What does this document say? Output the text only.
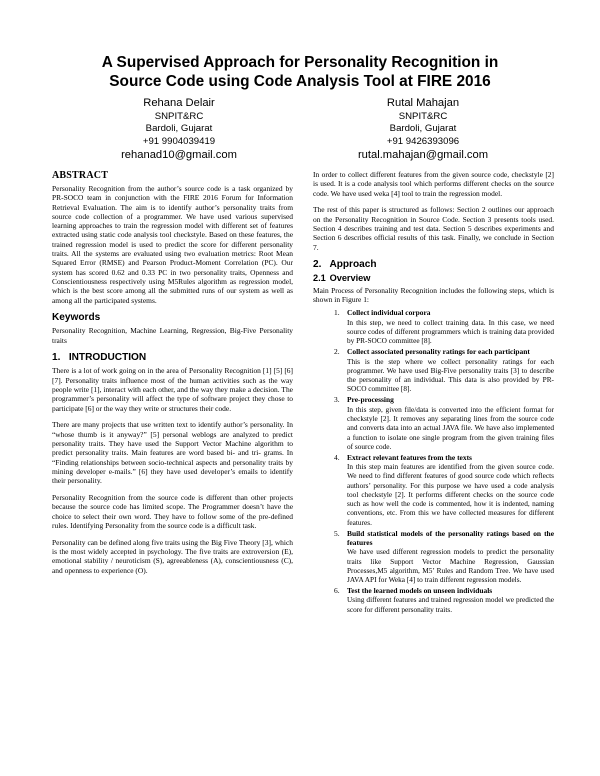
A Supervised Approach for Personality Recognition in
Source Code using Code Analysis Tool at FIRE 2016
Rehana Delair
SNPIT&RC
Bardoli, Gujarat
+91 9904039419
rehanad10@gmail.com
Rutal Mahajan
SNPIT&RC
Bardoli, Gujarat
+91 9426393096
rutal.mahajan@gmail.com
ABSTRACT
Personality Recognition from the author’s source code is a task organized by PR-SOCO team in conjunction with the FIRE 2016 Forum for Information Retrieval Evaluation. The aim is to identify author’s personality traits from source code collection of a programmer. We have used various supervised learning approaches to train the regression model with different set of features extracted using static code analysis tool checkstyle. Based on these features, the trained regression model is used to predict the score for different personality traits. All the systems are evaluated using two evaluation metrics: Root Mean Squared Error (RMSE) and Pearson Product-Moment Correlation (PC). Our system has scored 0.62 and 0.33 PC in two personality traits, Openness and Conscientiousness respectively using M5Rules algorithm as regression model, which is the best score among all the submitted runs of our system as well as among all the participated systems.
Keywords
Personality Recognition, Machine Learning, Regression, Big-Five Personality traits
1. INTRODUCTION
There is a lot of work going on in the area of Personality Recognition [1] [5] [6] [7]. Personality traits influence most of the human activities such as the way people write [1], interact with each other, and the way they make a decision. The programmer’s personality will affect the type of software project they chose to participate [6] or the way they write or structures their code.
There are many projects that use written text to identify author’s personality. In “whose thumb is it anyway?” [5] personal weblogs are analyzed to predict personality traits. They have used the Support Vector Machine algorithm to predict personality traits. Main features are word based bi- and tri- grams. In “Finding relationships between socio-technical aspects and personality traits by mining developer e-mails.” [6] they have used developer’s emails to identify their personality.
Personality Recognition from the source code is different than other projects because the source code has limited scope. The Programmer doesn’t have the choice to select their own word. They have to follow some of the pre-defined rules. Identifying Personality from the source code is a difficult task.
Personality can be defined along five traits using the Big Five Theory [3], which is the most widely accepted in psychology. The five traits are extroversion (E), emotional stability / neuroticism (S), agreeableness (A), conscientiousness (C), and openness to experience (O).
In order to collect different features from the given source code, checkstyle [2] is used. It is a code analysis tool which performs different checks on the source code. We have used weka [4] tool to train the regression model.
The rest of this paper is structured as follows: Section 2 outlines our approach on the Personality Recognition in Source Code. Section 3 presents tools used. Section 4 describes training and test data. Section 5 describes experiments and Section 6 describes official results of this task. Finally, we conclude in Section 7.
2. Approach
2.1 Overview
Main Process of Personality Recognition includes the following steps, which is shown in Figure 1:
1. Collect individual corpora
In this step, we need to collect training data. In this case, we need source codes of different programmers which is training data provided by PR-SOCO committee [8].
2. Collect associated personality ratings for each participant
This is the step where we collect personality ratings for each programmer. We have used Big-Five personality traits [3] to describe the personality of an individual. This data is also provided by PR-SOCO committee [8].
3. Pre-processing
In this step, given file/data is converted into the efficient format for checkstyle [2]. It removes any separating lines from the source code and converts data into an actual JAVA file. We have also implemented a function to isolate one single program from the given training files of source code.
4. Extract relevant features from the texts
In this step main features are identified from the given source code. We need to find different features of good source code which reflects authors’ personality. For this purpose we have used a code analysis tool checkstyle [2]. It performs different checks on the source code such as how well the code is commented, how it is indented, naming conventions, etc. From this we have collected measures for different features.
5. Build statistical models of the personality ratings based on the features
We have used different regression models to predict the personality traits like Support Vector Machine Regression, Gaussian Processes,M5 algorithm, M5’ Rules and Random Tree. We have used JAVA API for Weka [4] to train different regression models.
6. Test the learned models on unseen individuals
Using different features and trained regression model we predicted the score for different personality traits.
